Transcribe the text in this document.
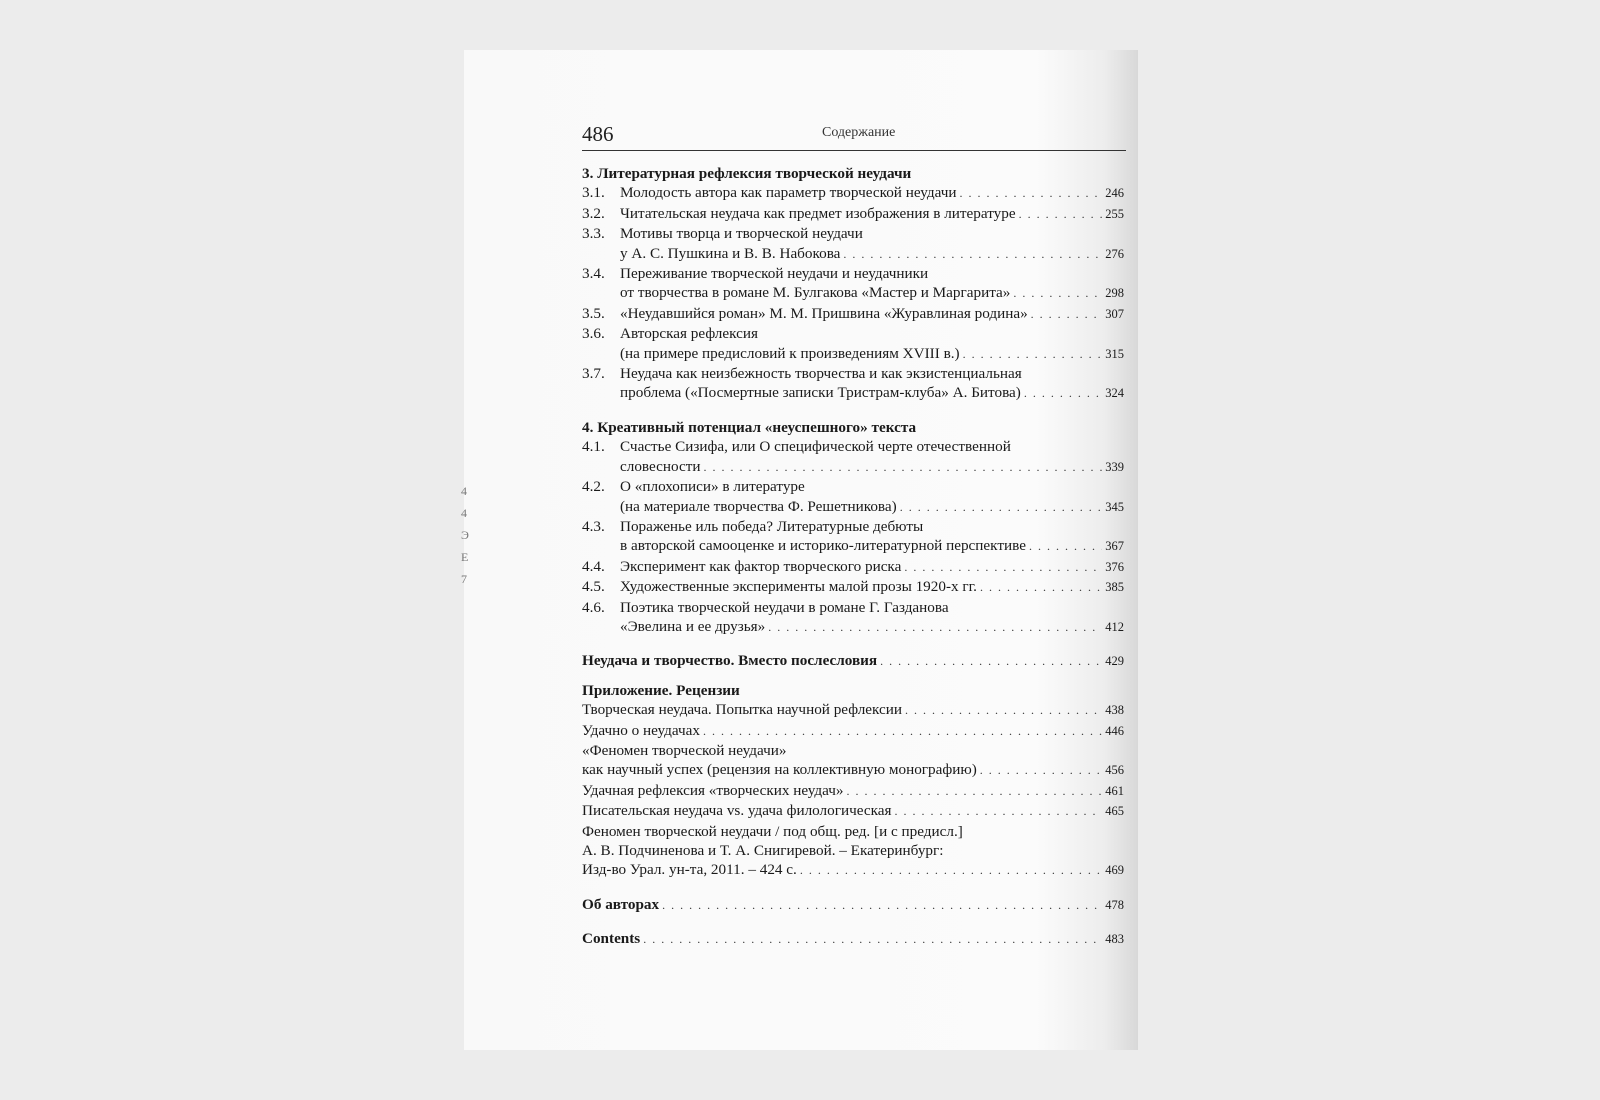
486	Содержание
3. Литературная рефлексия творческой неудачи
3.1.	Молодость автора как параметр творческой неудачи . . .	246
3.2.	Читательская неудача как предмет изображения в литературе . . .	255
3.3.	Мотивы творца и творческой неудачи
у А. С. Пушкина и В. В. Набокова . . .	276
3.4.	Переживание творческой неудачи и неудачники
от творчества в романе М. Булгакова «Мастер и Маргарита» . . .	298
3.5.	«Неудавшийся роман» М. М. Пришвина «Журавлиная родина» . . .	307
3.6.	Авторская рефлексия
(на примере предисловий к произведениям XVIII в.) . . .	315
3.7.	Неудача как неизбежность творчества и как экзистенциальная
проблема («Посмертные записки Тристрам-клуба» А. Битова) . . .	324
4. Креативный потенциал «неуспешного» текста
4.1.	Счастье Сизифа, или О специфической черте отечественной
словесности . . .	339
4.2.	О «плохописи» в литературе
(на материале творчества Ф. Решетникова) . . .	345
4.3.	Пораженье иль победа? Литературные дебюты
в авторской самооценке и историко-литературной перспективе . . .	367
4.4.	Эксперимент как фактор творческого риска . . .	376
4.5.	Художественные эксперименты малой прозы 1920-х гг. . . .	385
4.6.	Поэтика творческой неудачи в романе Г. Газданова
«Эвелина и ее друзья» . . .	412
Неудача и творчество. Вместо послесловия . . .	429
Приложение. Рецензии
Творческая неудача. Попытка научной рефлексии . . .	438
Удачно о неудачах . . .	446
«Феномен творческой неудачи»
как научный успех (рецензия на коллективную монографию) . . .	456
Удачная рефлексия «творческих неудач» . . .	461
Писательская неудача vs. удача филологическая . . .	465
Феномен творческой неудачи / под общ. ред. [и с предисл.]
А. В. Подчиненова и Т. А. Снигиревой. – Екатеринбург:
Изд-во Урал. ун-та, 2011. – 424 с. . . .	469
Об авторах . . .	478
Contents . . .	483
4
4
Э
Е
7
